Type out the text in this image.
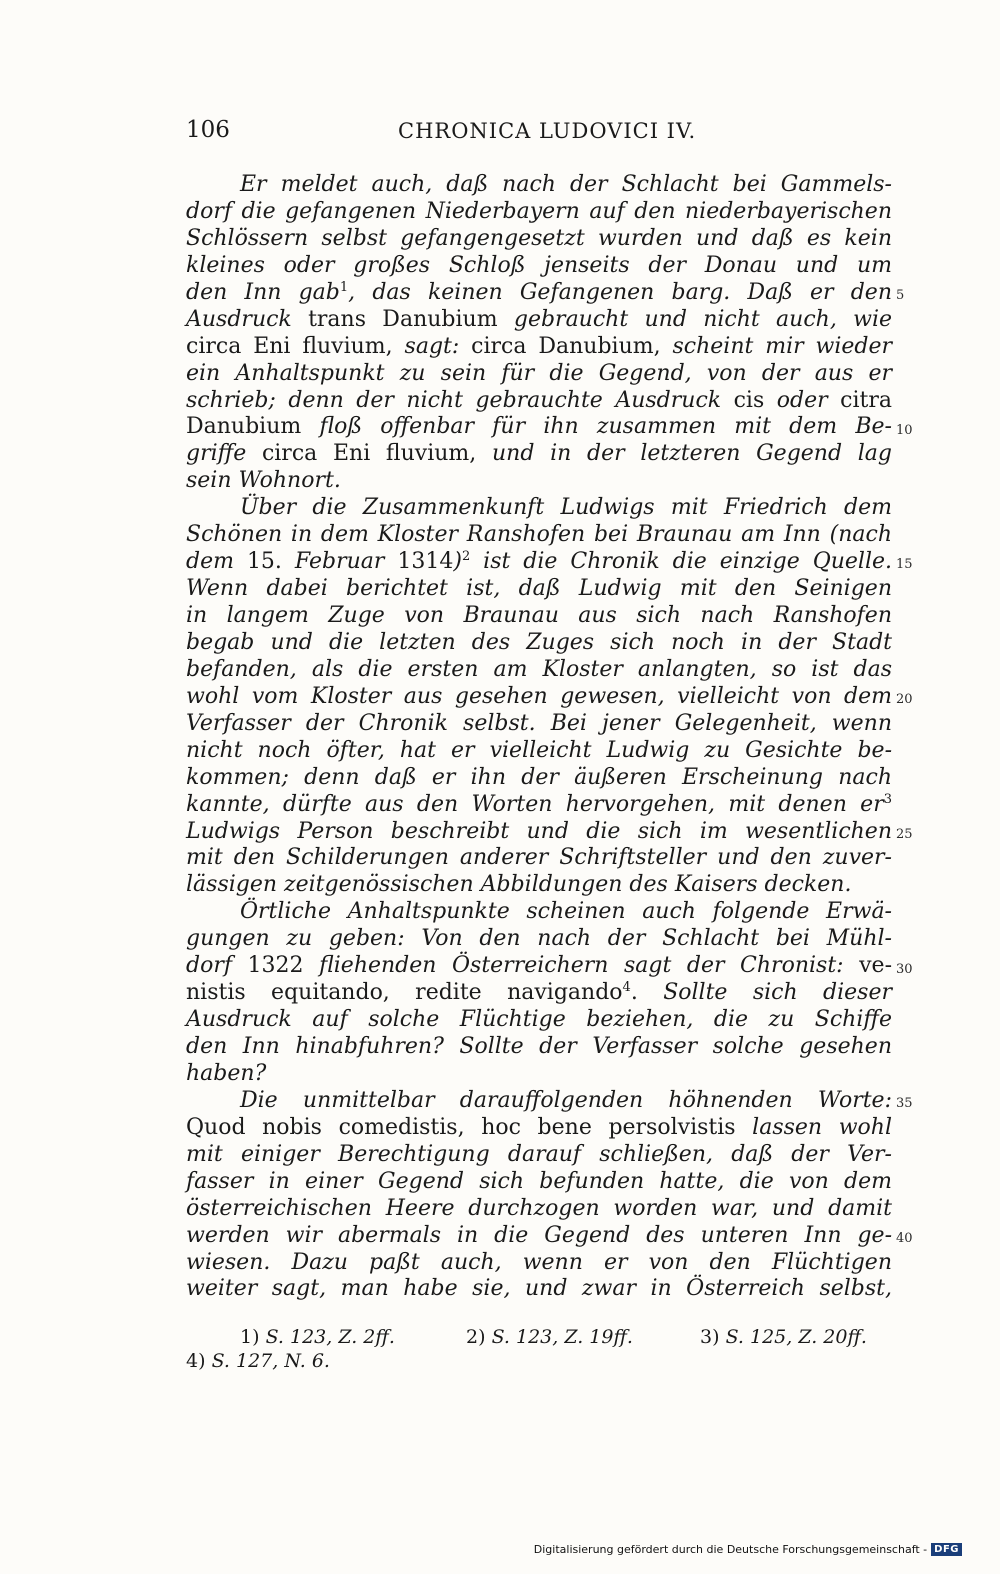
106	CHRONICA LUDOVICI IV.
Er meldet auch, daß nach der Schlacht bei Gammels-
dorf die gefangenen Niederbayern auf den niederbayerischen
Schlössern selbst gefangengesetzt wurden und daß es kein
kleines oder großes Schloß jenseits der Donau und um
den Inn gab$^1$, das keinen Gefangenen barg. Daß er den
Ausdruck trans Danubium gebraucht und nicht auch, wie
circa Eni fluvium, sagt: circa Danubium, scheint mir wieder
ein Anhaltspunkt zu sein für die Gegend, von der aus er
schrieb; denn der nicht gebrauchte Ausdruck cis oder citra
Danubium floß offenbar für ihn zusammen mit dem Be-
griffe circa Eni fluvium, und in der letzteren Gegend lag
sein Wohnort.
Über die Zusammenkunft Ludwigs mit Friedrich dem
Schönen in dem Kloster Ranshofen bei Braunau am Inn (nach
dem 15. Februar 1314)$^2$ ist die Chronik die einzige Quelle.
Wenn dabei berichtet ist, daß Ludwig mit den Seinigen
in langem Zuge von Braunau aus sich nach Ranshofen
begab und die letzten des Zuges sich noch in der Stadt
befanden, als die ersten am Kloster anlangten, so ist das
wohl vom Kloster aus gesehen gewesen, vielleicht von dem
Verfasser der Chronik selbst. Bei jener Gelegenheit, wenn
nicht noch öfter, hat er vielleicht Ludwig zu Gesichte be-
kommen; denn daß er ihn der äußeren Erscheinung nach
kannte, dürfte aus den Worten hervorgehen, mit denen $er^3$
Ludwigs Person beschreibt und die sich im wesentlichen
mit den Schilderungen anderer Schriftsteller und den zuver-
lässigen zeitgenössischen Abbildungen des Kaisers decken.
Örtliche Anhaltspunkte scheinen auch folgende Erwä-
gungen zu geben: Von den nach der Schlacht bei Mühl-
dorf 1322 fliehenden Österreichern sagt der Chronist: ve-
nistis equitando, redite navigando$^4$. Sollte sich dieser
Ausdruck auf solche Flüchtige beziehen, die zu Schiffe
den Inn hinabfuhren? Sollte der Verfasser solche gesehen
haben?
Die unmittelbar darauffolgenden höhnenden Worte:
Quod nobis comedistis, hoc bene persolvistis lassen wohl
mit einiger Berechtigung darauf schließen, daß der Ver-
fasser in einer Gegend sich befunden hatte, die von dem
österreichischen Heere durchzogen worden war, und damit
werden wir abermals in die Gegend des unteren Inn ge-
wiesen. Dazu paßt auch, wenn er von den Flüchtigen
weiter sagt, man habe sie, und zwar in Österreich selbst,
5
10
15
20
25
30
35
40
1) S. 123, Z. 2ff.	2) S. 123, Z. 19ff.	3) S. 125, Z. 20ff.
4) S. 127, N. 6.
Digitalisierung gefördert durch die Deutsche Forschungsgemeinschaft - DFG
